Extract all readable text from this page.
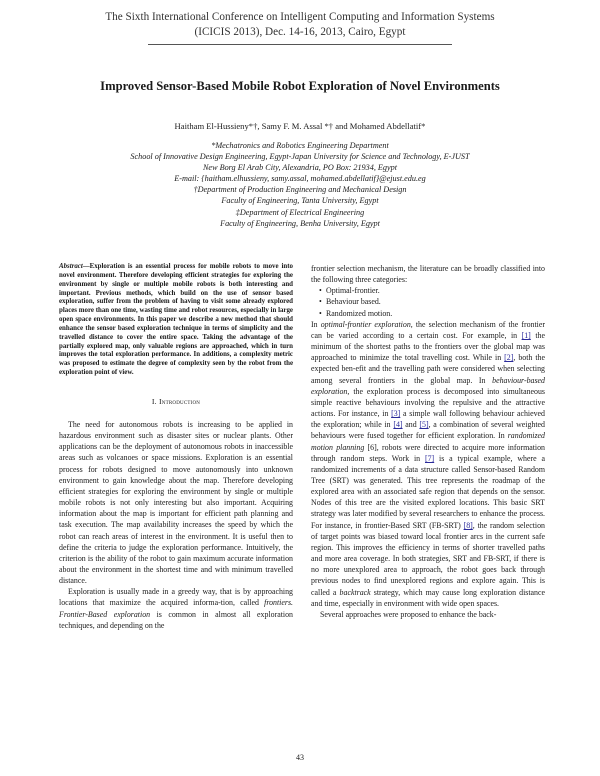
The Sixth International Conference on Intelligent Computing and Information Systems
(ICICIS 2013), Dec. 14-16, 2013, Cairo, Egypt
Improved Sensor-Based Mobile Robot Exploration of Novel Environments
Haitham El-Hussieny*†, Samy F. M. Assal *† and Mohamed Abdellatif*
*Mechatronics and Robotics Engineering Department
School of Innovative Design Engineering, Egypt-Japan University for Science and Technology, E-JUST
New Borg El Arab City, Alexandria, PO Box: 21934, Egypt
E-mail: {haitham.elhussieny, samy.assal, mohamed.abdellatif}@ejust.edu.eg
†Department of Production Engineering and Mechanical Design
Faculty of Engineering, Tanta University, Egypt
‡Department of Electrical Engineering
Faculty of Engineering, Benha University, Egypt

Abstract—Exploration is an essential process for mobile robots to move into novel environment. Therefore developing efficient strategies for exploring the environment by single or multiple mobile robots is both interesting and important. Previous methods, which build on the use of sensor based exploration, suffer from the problem of having to visit some already explored places more than one time, wasting time and robot resources, especially in large open space environments. In this paper we describe a new method that should enhance the sensor based exploration technique in terms of simplicity and the travelled distance to cover the entire space. Taking the advantage of the partially explored map, only valuable regions are approached, which in turn improves the total exploration performance. In additions, a complexity metric was proposed to estimate the degree of complexity seen by the robot from the exploration point of view.

I. Introduction

The need for autonomous robots is increasing to be applied in hazardous environment such as disaster sites or nuclear plants. Other applications can be the deployment of autonomous robots in inaccessible areas such as volcanoes or space missions. Exploration is an essential process for robots designed to move autonomously into unknown environment to gain knowledge about the map. Therefore developing efficient strategies for exploring the environment by single or multiple mobile robots is not only interesting but also important. Acquiring information about the map is important for efficient path planning and task execution. The map availability increases the speed by which the robot can reach areas of interest in the environment. It is useful then to define the criteria to judge the exploration performance. Intuitively, the criterion is the ability of the robot to gain maximum accurate information about the environment in the shortest time and with minimum travelled distance.

Exploration is usually made in a greedy way, that is by approaching locations that maximize the acquired informa-tion, called frontiers. Frontier-Based exploration is common in almost all exploration techniques, and depending on the

frontier selection mechanism, the literature can be broadly classified into the following three categories:

• Optimal-frontier.
• Behaviour based.
• Randomized motion.

In optimal-frontier exploration, the selection mechanism of the frontier can be varied according to a certain cost. For example, in [1] the minimum of the shortest paths to the frontiers over the global map was approached to minimize the total travelling cost. While in [2], both the expected ben-efit and the travelling path were considered when selecting among several frontiers in the global map. In behaviour-based exploration, the exploration process is decomposed into simultaneous simple reactive behaviours involving the repulsive and the attractive actions. For instance, in [3] a simple wall following behaviour achieved the exploration; while in [4] and [5], a combination of several weighted behaviours were fused together for efficient exploration. In randomized motion planning [6], robots were directed to acquire more information through random steps. Work in [7] is a typical example, where a randomized increments of a data structure called Sensor-based Random Tree (SRT) was generated. This tree represents the roadmap of the explored area with an associated safe region that depends on the sensor. Nodes of this tree are the visited explored locations. This basic SRT strategy was later modified by several researchers to enhance the process. For instance, in frontier-Based SRT (FB-SRT) [8], the random selection of target points was biased toward local frontier arcs in the current safe region. This improves the efficiency in terms of shorter travelled paths and more area coverage. In both strategies, SRT and FB-SRT, if there is no more unexplored area to approach, the robot goes back through previous nodes to find unexplored regions and explore again. This is called a backtrack strategy, which may cause long exploration distance and time, especially in environment with wide open spaces.

Several approaches were proposed to enhance the back-

43
